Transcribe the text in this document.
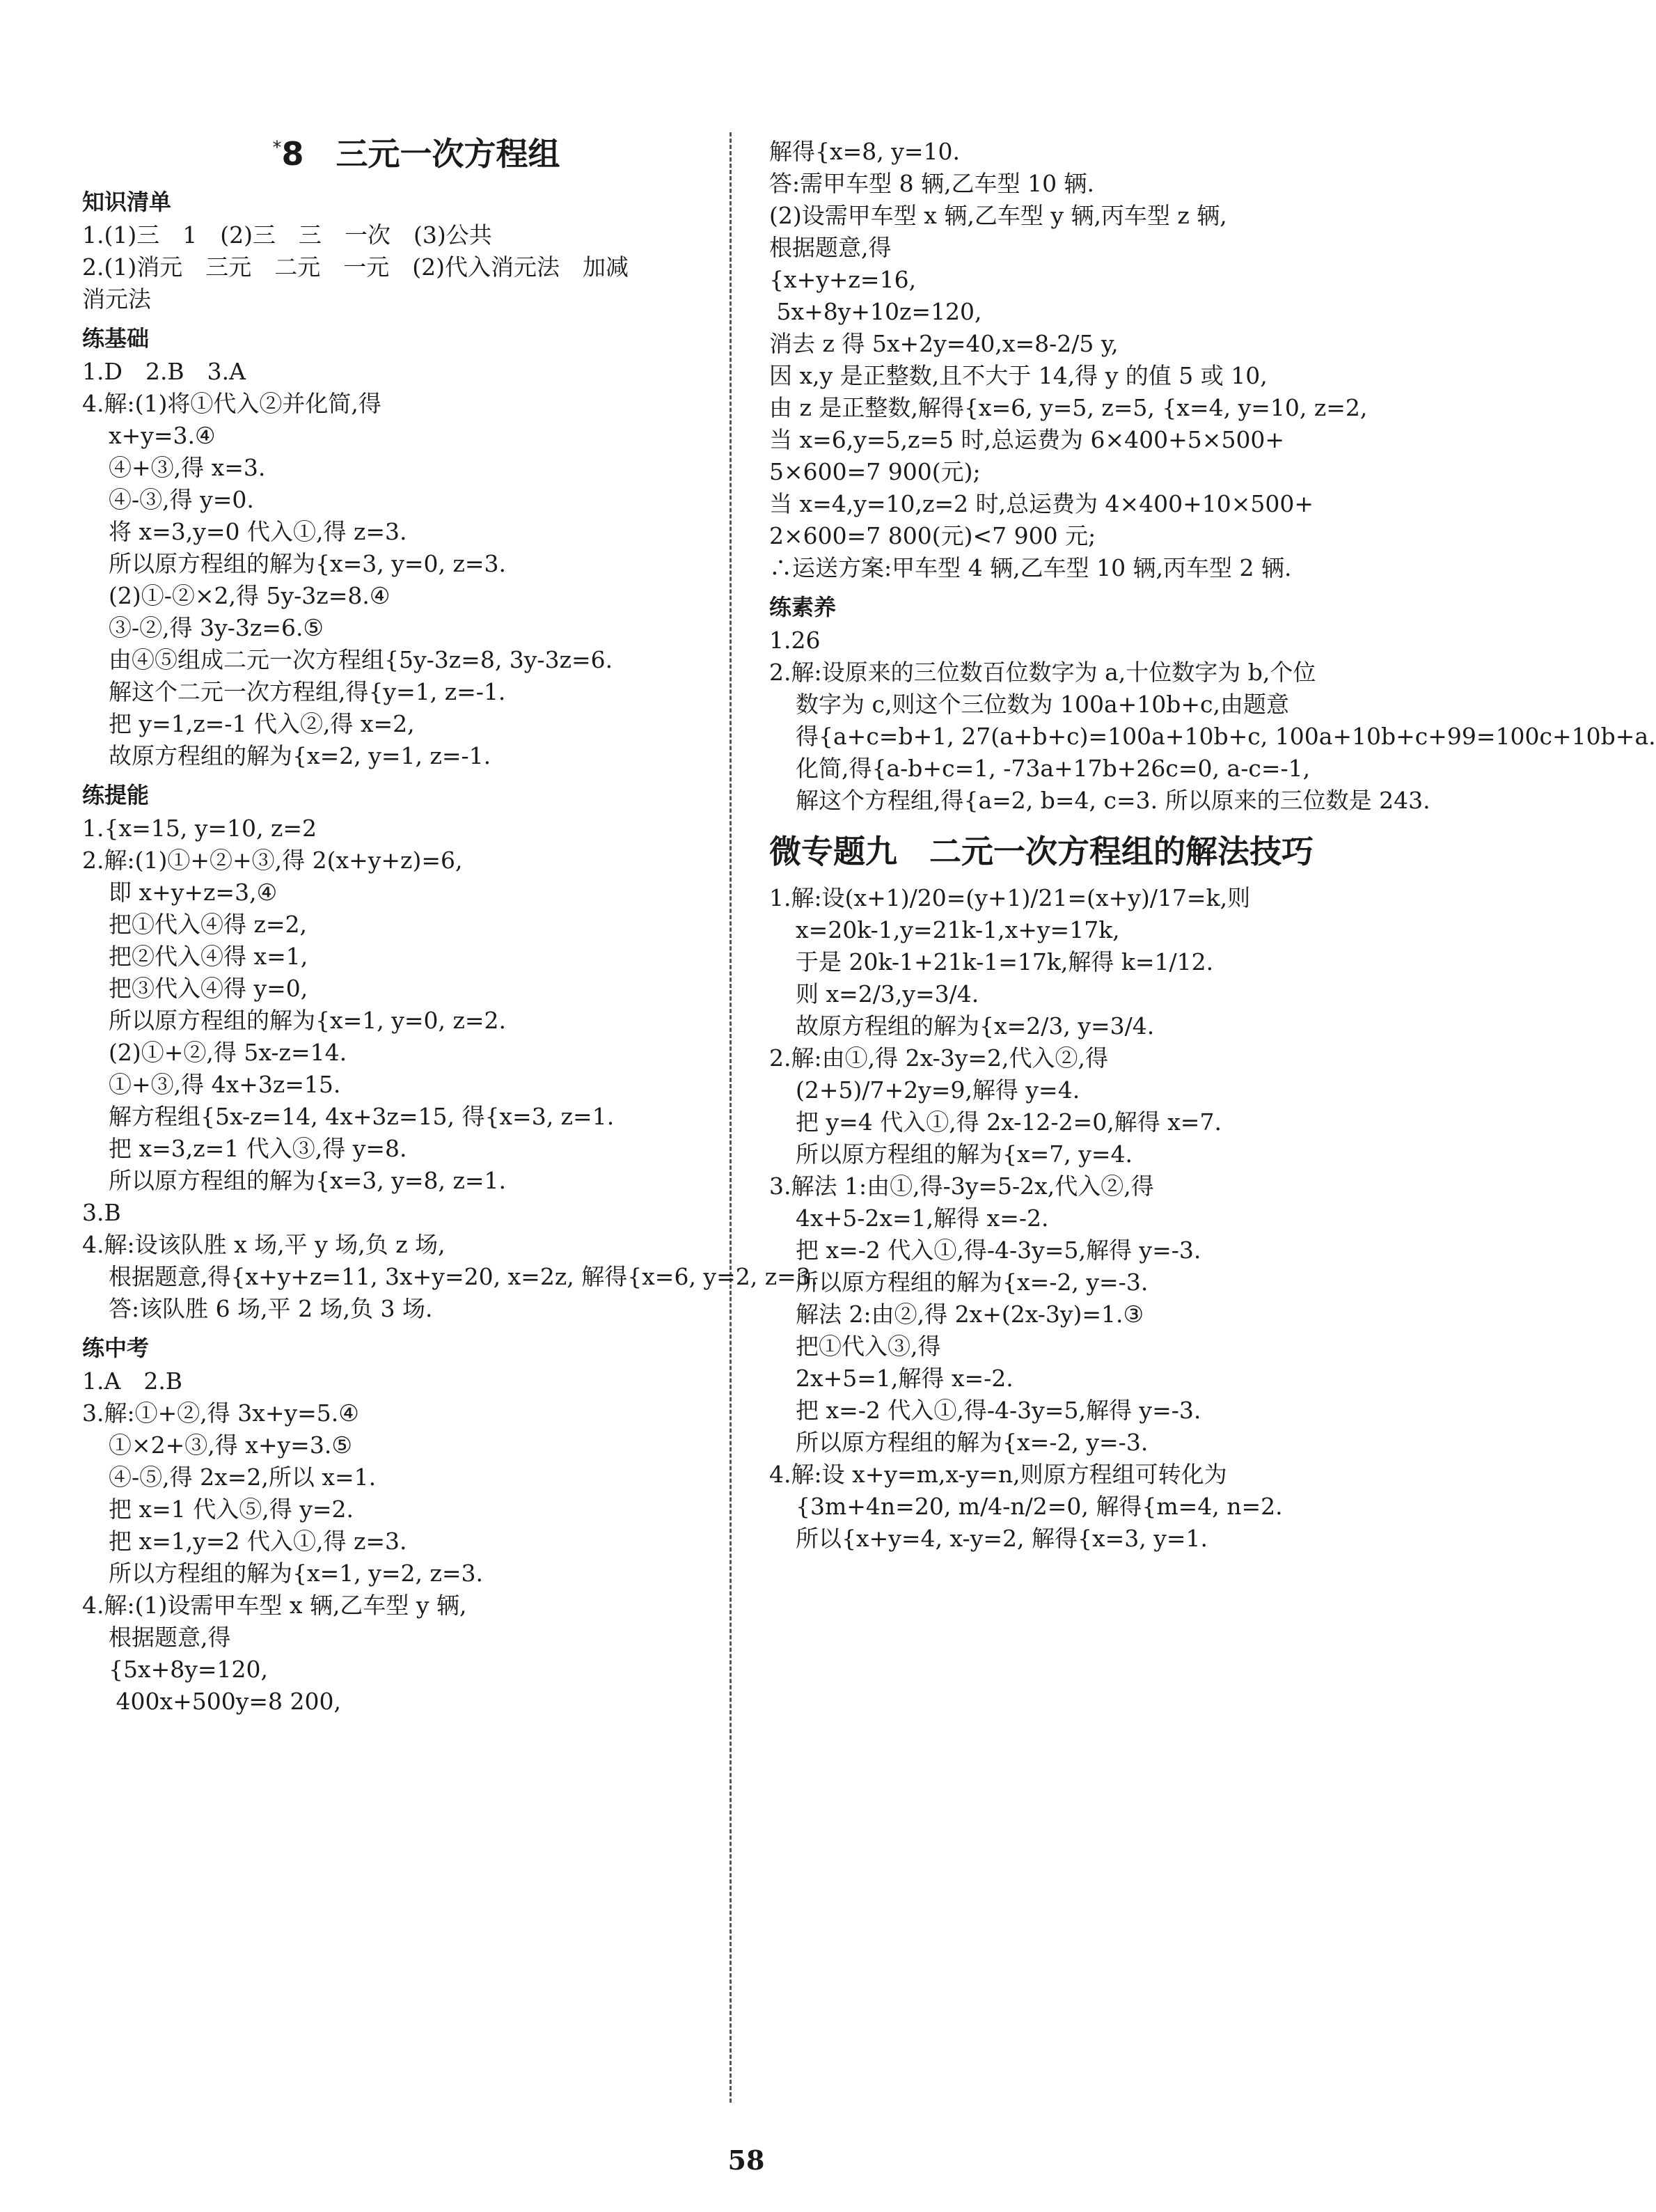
*8　三元一次方程组
知识清单
1.(1)三　1　(2)三　三　一次　(3)公共
2.(1)消元　三元　二元　一元　(2)代入消元法　加减
消元法
练基础
1.D　2.B　3.A
4.解:(1)将①代入②并化简,得
x+y=3.④
④+③,得 x=3.
④-③,得 y=0.
将 x=3,y=0 代入①,得 z=3.
所以原方程组的解为{x=3, y=0, z=3.
(2)①-②×2,得 5y-3z=8.④
③-②,得 3y-3z=6.⑤
由④⑤组成二元一次方程组{5y-3z=8, 3y-3z=6.
解这个二元一次方程组,得{y=1, z=-1.
把 y=1,z=-1 代入②,得 x=2,
故原方程组的解为{x=2, y=1, z=-1.
练提能
1.{x=15, y=10, z=2
2.解:(1)①+②+③,得 2(x+y+z)=6,
即 x+y+z=3,④
把①代入④得 z=2,
把②代入④得 x=1,
把③代入④得 y=0,
所以原方程组的解为{x=1, y=0, z=2.
(2)①+②,得 5x-z=14.
①+③,得 4x+3z=15.
解方程组{5x-z=14, 4x+3z=15, 得{x=3, z=1.
把 x=3,z=1 代入③,得 y=8.
所以原方程组的解为{x=3, y=8, z=1.
3.B
4.解:设该队胜 x 场,平 y 场,负 z 场,
根据题意,得{x+y+z=11, 3x+y=20, x=2z, 解得{x=6, y=2, z=3.
答:该队胜 6 场,平 2 场,负 3 场.
练中考
1.A　2.B
3.解:①+②,得 3x+y=5.④
①×2+③,得 x+y=3.⑤
④-⑤,得 2x=2,所以 x=1.
把 x=1 代入⑤,得 y=2.
把 x=1,y=2 代入①,得 z=3.
所以方程组的解为{x=1, y=2, z=3.
4.解:(1)设需甲车型 x 辆,乙车型 y 辆,
根据题意,得
{5x+8y=120,
400x+500y=8 200,
解得{x=8, y=10.
答:需甲车型 8 辆,乙车型 10 辆.
(2)设需甲车型 x 辆,乙车型 y 辆,丙车型 z 辆,
根据题意,得
{x+y+z=16,
5x+8y+10z=120,
消去 z 得 5x+2y=40,x=8-2/5 y,
因 x,y 是正整数,且不大于 14,得 y 的值 5 或 10,
由 z 是正整数,解得{x=6, y=5, z=5, {x=4, y=10, z=2,
当 x=6,y=5,z=5 时,总运费为 6×400+5×500+
5×600=7 900(元);
当 x=4,y=10,z=2 时,总运费为 4×400+10×500+
2×600=7 800(元)<7 900 元;
∴运送方案:甲车型 4 辆,乙车型 10 辆,丙车型 2 辆.
练素养
1.26
2.解:设原来的三位数百位数字为 a,十位数字为 b,个位
数字为 c,则这个三位数为 100a+10b+c,由题意
得{a+c=b+1, 27(a+b+c)=100a+10b+c, 100a+10b+c+99=100c+10b+a.
化简,得{a-b+c=1, -73a+17b+26c=0, a-c=-1,
解这个方程组,得{a=2, b=4, c=3. 所以原来的三位数是 243.
微专题九　二元一次方程组的解法技巧
1.解:设(x+1)/20=(y+1)/21=(x+y)/17=k,则
x=20k-1,y=21k-1,x+y=17k,
于是 20k-1+21k-1=17k,解得 k=1/12.
则 x=2/3,y=3/4.
故原方程组的解为{x=2/3, y=3/4.
2.解:由①,得 2x-3y=2,代入②,得
(2+5)/7+2y=9,解得 y=4.
把 y=4 代入①,得 2x-12-2=0,解得 x=7.
所以原方程组的解为{x=7, y=4.
3.解法 1:由①,得-3y=5-2x,代入②,得
4x+5-2x=1,解得 x=-2.
把 x=-2 代入①,得-4-3y=5,解得 y=-3.
所以原方程组的解为{x=-2, y=-3.
解法 2:由②,得 2x+(2x-3y)=1.③
把①代入③,得
2x+5=1,解得 x=-2.
把 x=-2 代入①,得-4-3y=5,解得 y=-3.
所以原方程组的解为{x=-2, y=-3.
4.解:设 x+y=m,x-y=n,则原方程组可转化为
{3m+4n=20, m/4-n/2=0, 解得{m=4, n=2.
所以{x+y=4, x-y=2, 解得{x=3, y=1.
58
